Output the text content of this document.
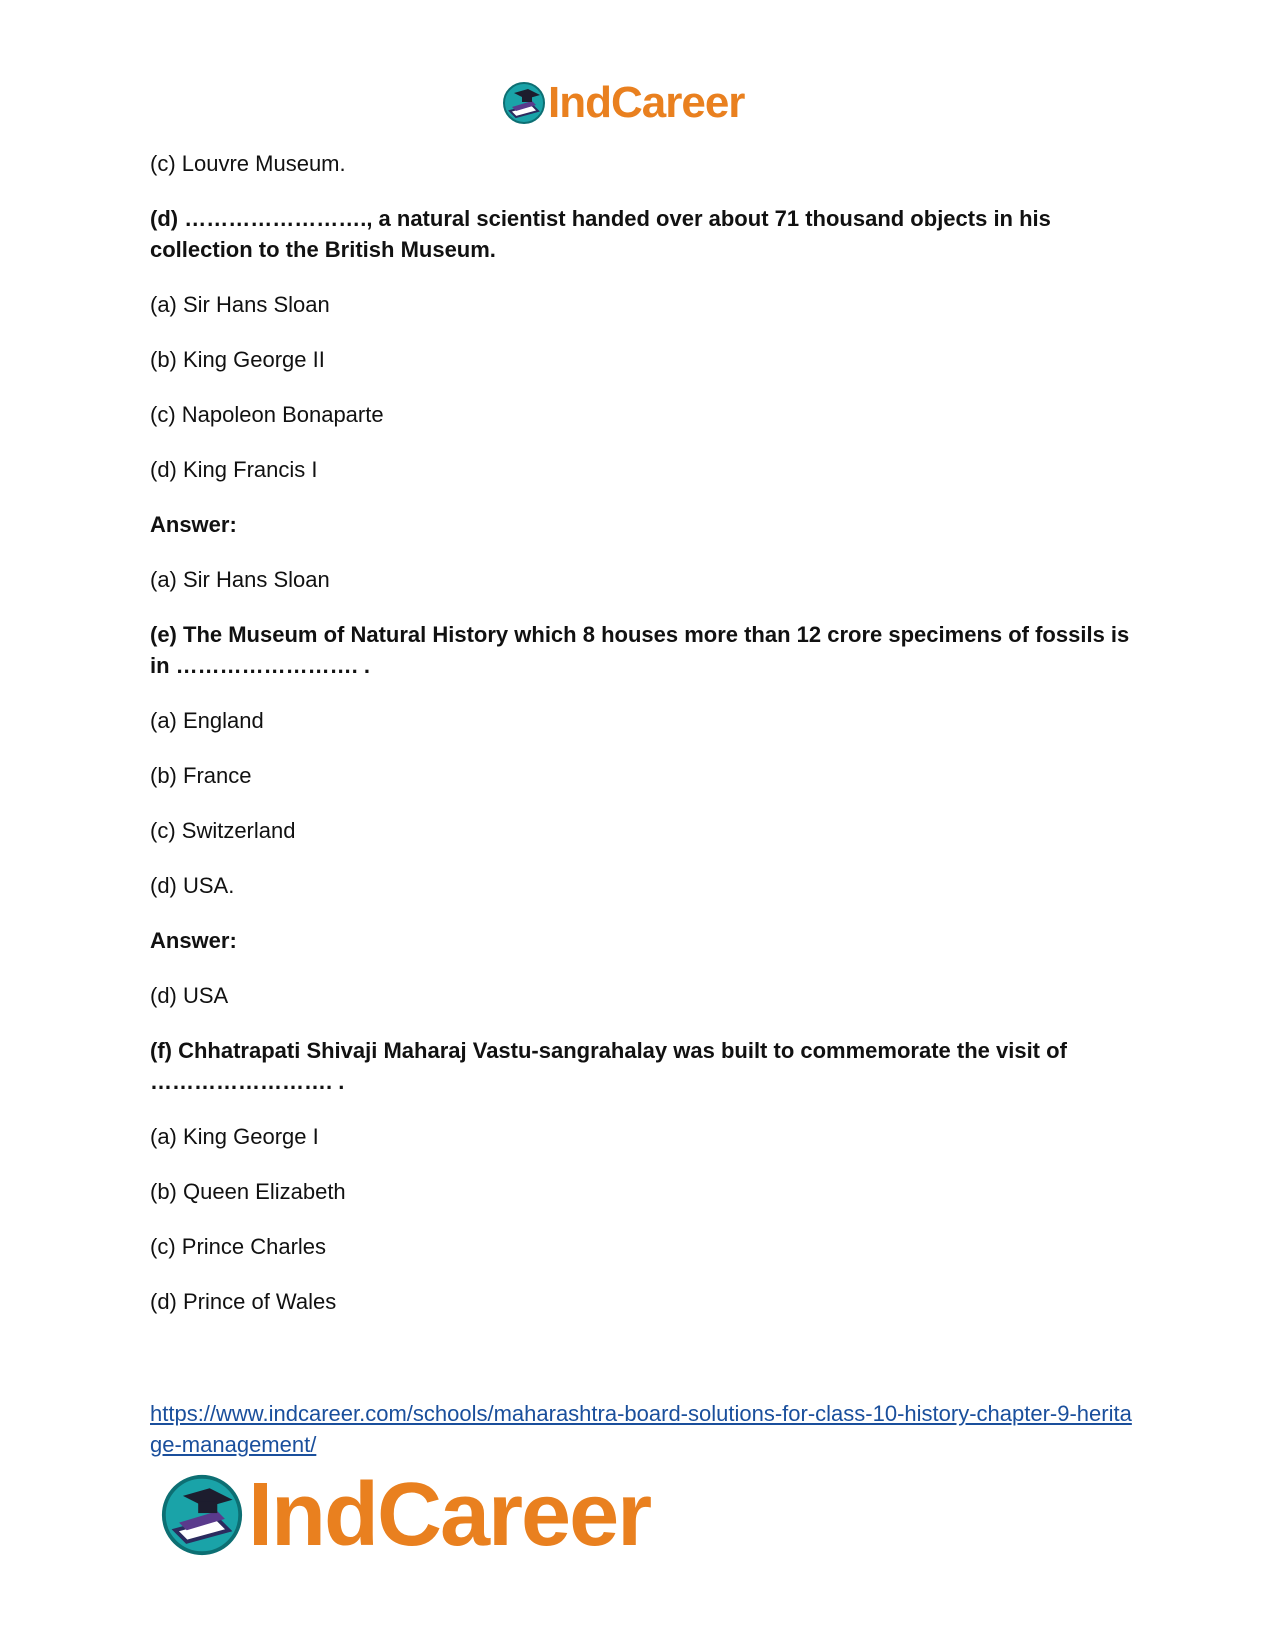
IndCareer

(c) Louvre Museum.

(d) ……………………., a natural scientist handed over about 71 thousand objects in his collection to the British Museum.

(a) Sir Hans Sloan

(b) King George II

(c) Napoleon Bonaparte

(d) King Francis I

Answer:

(a) Sir Hans Sloan

(e) The Museum of Natural History which 8 houses more than 12 crore specimens of fossils is in ……………………. .

(a) England

(b) France

(c) Switzerland

(d) USA.

Answer:

(d) USA

(f) Chhatrapati Shivaji Maharaj Vastu-sangrahalay was built to commemorate the visit of ……………………. .

(a) King George I

(b) Queen Elizabeth

(c) Prince Charles

(d) Prince of Wales

https://www.indcareer.com/schools/maharashtra-board-solutions-for-class-10-history-chapter-9-heritage-management/
IndCareer
